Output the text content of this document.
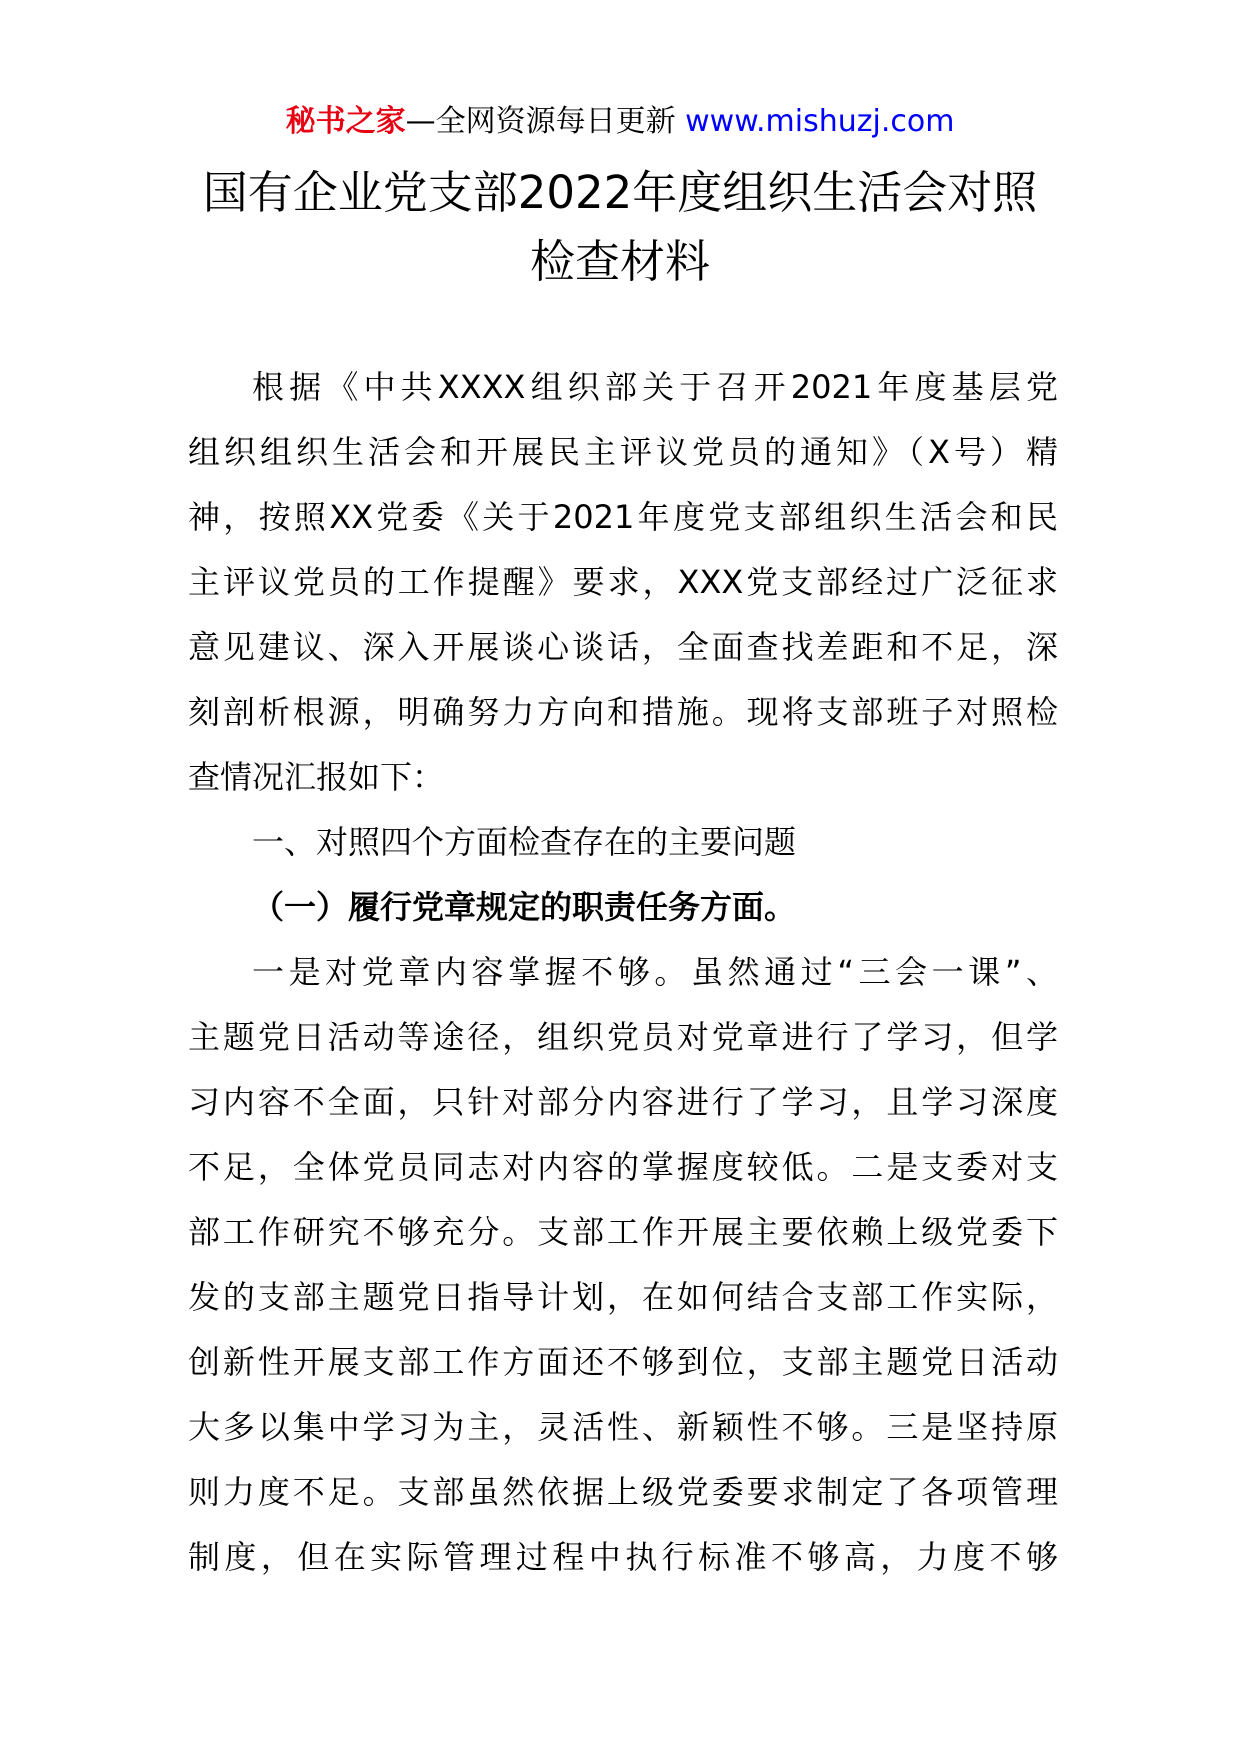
秘书之家—全网资源每日更新 www.mishuzj.com
国有企业党支部2022年度组织生活会对照
检查材料
根据《中共XXXX组织部关于召开2021年度基层党
组织组织生活会和开展民主评议党员的通知》（X号）精
神，按照XX党委《关于2021年度党支部组织生活会和民
主评议党员的工作提醒》要求，XXX党支部经过广泛征求
意见建议、深入开展谈心谈话，全面查找差距和不足，深
刻剖析根源，明确努力方向和措施。现将支部班子对照检
查情况汇报如下：
一、对照四个方面检查存在的主要问题
（一）履行党章规定的职责任务方面。
一是对党章内容掌握不够。虽然通过“三会一课”、
主题党日活动等途径，组织党员对党章进行了学习，但学
习内容不全面，只针对部分内容进行了学习，且学习深度
不足，全体党员同志对内容的掌握度较低。二是支委对支
部工作研究不够充分。支部工作开展主要依赖上级党委下
发的支部主题党日指导计划，在如何结合支部工作实际，
创新性开展支部工作方面还不够到位，支部主题党日活动
大多以集中学习为主，灵活性、新颖性不够。三是坚持原
则力度不足。支部虽然依据上级党委要求制定了各项管理
制度，但在实际管理过程中执行标准不够高，力度不够
